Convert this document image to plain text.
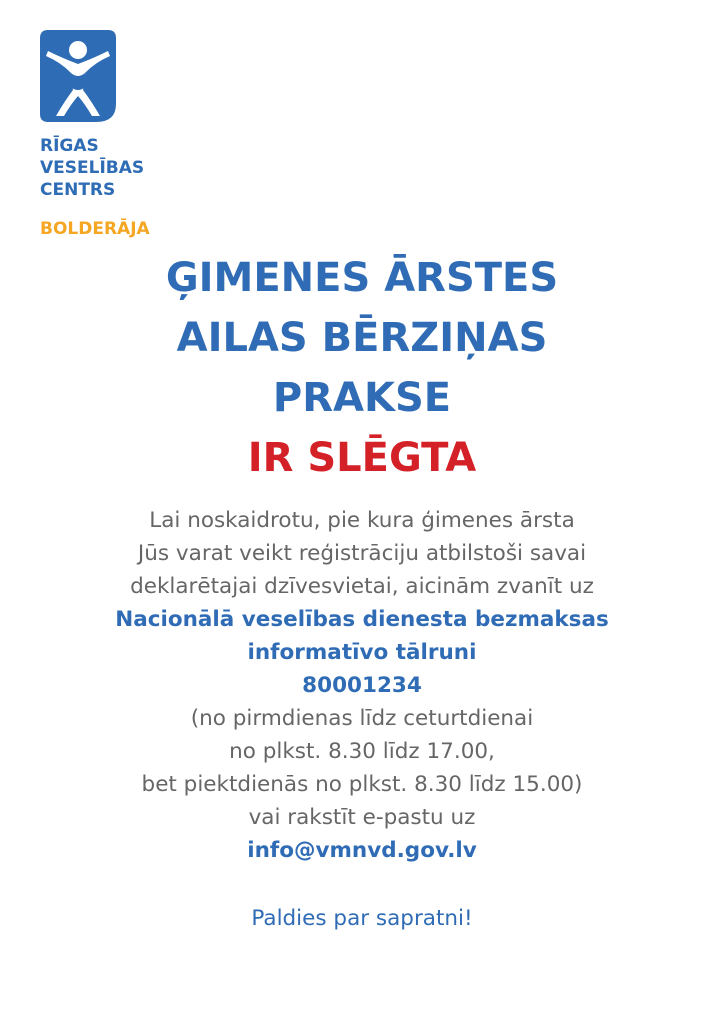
RĪGAS
VESELĪBAS
CENTRS
BOLDERĀJA
ĢIMENES ĀRSTES
AILAS BĒRZIŅAS
PRAKSE
IR SLĒGTA
Lai noskaidrotu, pie kura ģimenes ārsta
Jūs varat veikt reģistrāciju atbilstoši savai
deklarētajai dzīvesvietai, aicinām zvanīt uz
Nacionālā veselības dienesta bezmaksas
informatīvo tālruni
80001234
(no pirmdienas līdz ceturtdienai
no plkst. 8.30 līdz 17.00,
bet piektdienās no plkst. 8.30 līdz 15.00)
vai rakstīt e-pastu uz
info@vmnvd.gov.lv
Paldies par sapratni!
